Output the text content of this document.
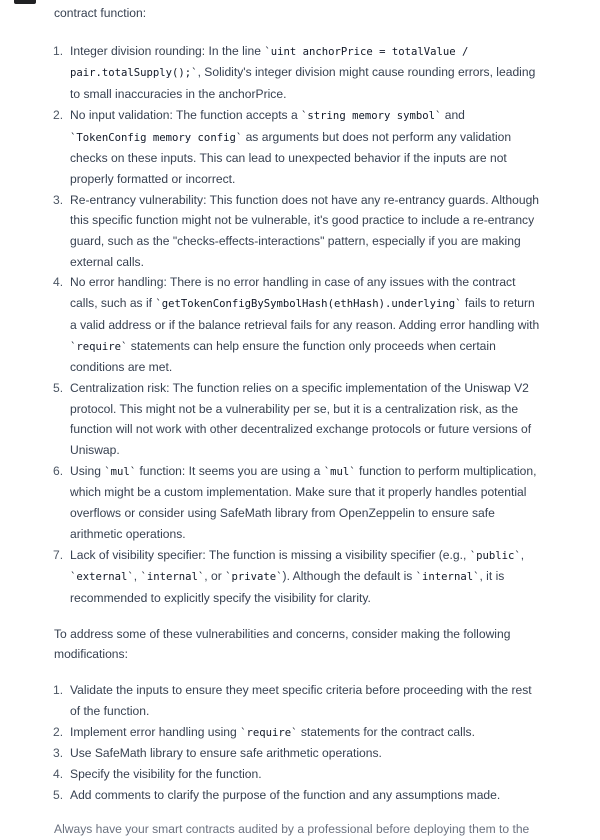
contract function:

1. Integer division rounding: In the line `uint anchorPrice = totalValue / pair.totalSupply();`, Solidity's integer division might cause rounding errors, leading to small inaccuracies in the anchorPrice.
2. No input validation: The function accepts a `string memory symbol` and `TokenConfig memory config` as arguments but does not perform any validation checks on these inputs. This can lead to unexpected behavior if the inputs are not properly formatted or incorrect.
3. Re-entrancy vulnerability: This function does not have any re-entrancy guards. Although this specific function might not be vulnerable, it's good practice to include a re-entrancy guard, such as the "checks-effects-interactions" pattern, especially if you are making external calls.
4. No error handling: There is no error handling in case of any issues with the contract calls, such as if `getTokenConfigBySymbolHash(ethHash).underlying` fails to return a valid address or if the balance retrieval fails for any reason. Adding error handling with `require` statements can help ensure the function only proceeds when certain conditions are met.
5. Centralization risk: The function relies on a specific implementation of the Uniswap V2 protocol. This might not be a vulnerability per se, but it is a centralization risk, as the function will not work with other decentralized exchange protocols or future versions of Uniswap.
6. Using `mul` function: It seems you are using a `mul` function to perform multiplication, which might be a custom implementation. Make sure that it properly handles potential overflows or consider using SafeMath library from OpenZeppelin to ensure safe arithmetic operations.
7. Lack of visibility specifier: The function is missing a visibility specifier (e.g., `public`, `external`, `internal`, or `private`). Although the default is `internal`, it is recommended to explicitly specify the visibility for clarity.

To address some of these vulnerabilities and concerns, consider making the following modifications:

1. Validate the inputs to ensure they meet specific criteria before proceeding with the rest of the function.
2. Implement error handling using `require` statements for the contract calls.
3. Use SafeMath library to ensure safe arithmetic operations.
4. Specify the visibility for the function.
5. Add comments to clarify the purpose of the function and any assumptions made.

Always have your smart contracts audited by a professional before deploying them to the
